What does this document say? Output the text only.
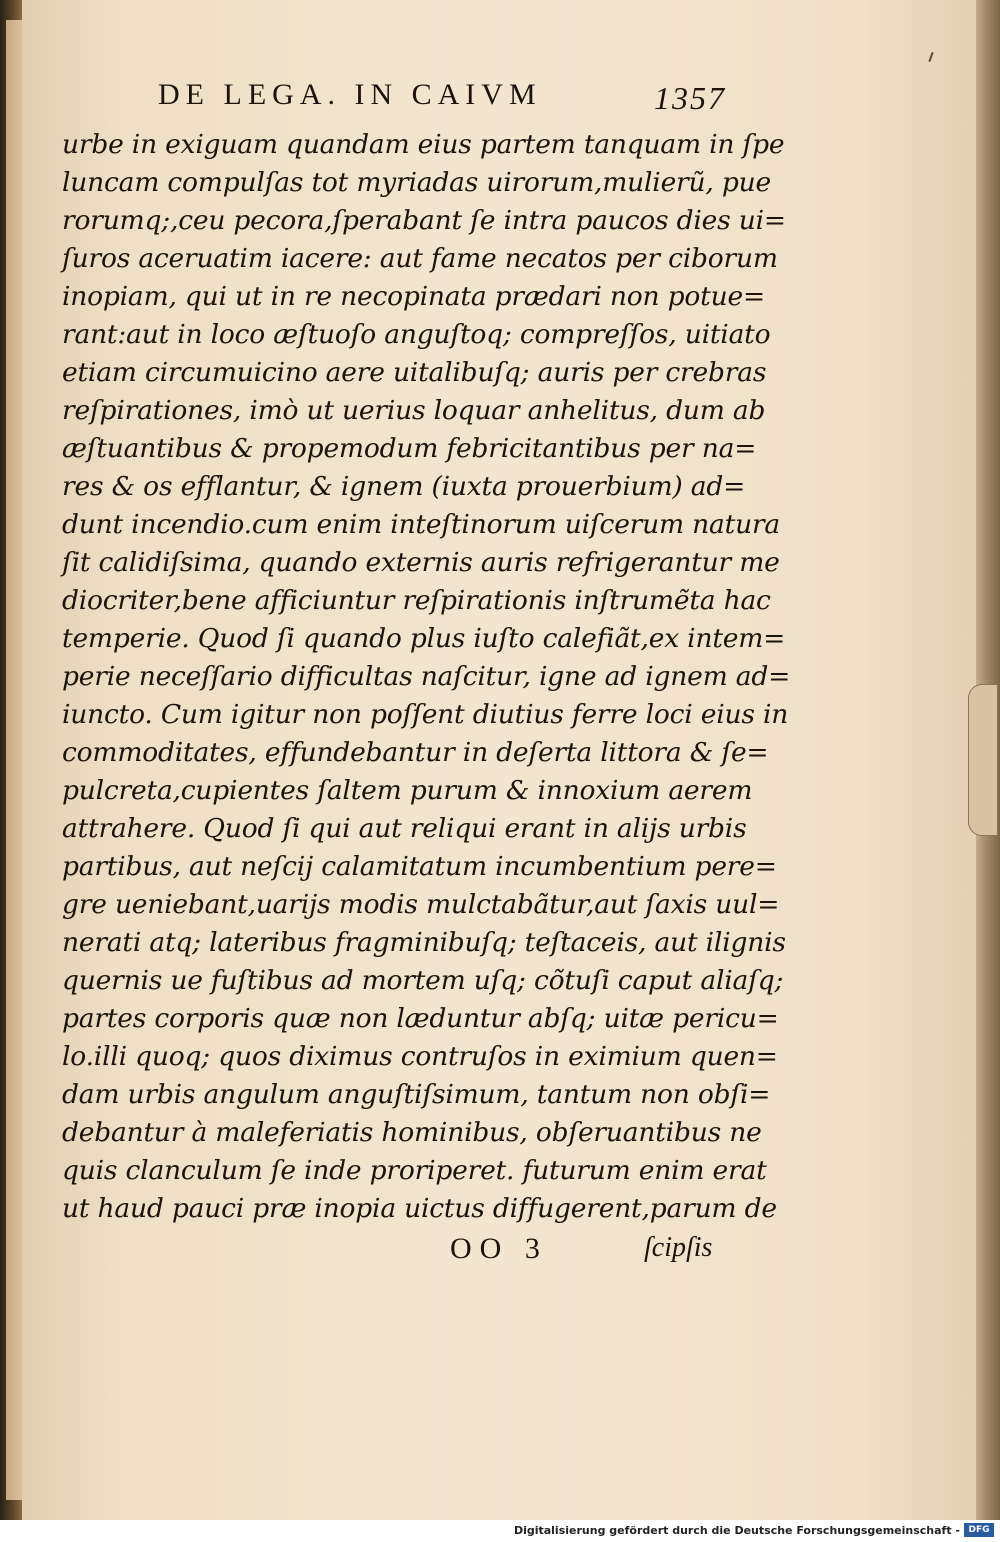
DE LEGA. IN CAIVM	1357
urbe in exiguam quandam eius partem tanquam in ſpe
luncam compulſas tot myriadas uirorum,mulierũ, pue
rorumq;,ceu pecora,ſperabant ſe intra paucos dies ui=
ſuros aceruatim iacere: aut fame necatos per ciborum
inopiam, qui ut in re necopinata prædari non potue=
rant:aut in loco æſtuoſo anguſtoq; compreſſos, uitiato
etiam circumuicino aere uitalibuſq; auris per crebras
reſpirationes, imò ut uerius loquar anhelitus, dum ab
æſtuantibus & propemodum febricitantibus per na=
res & os efflantur, & ignem (iuxta prouerbium) ad=
dunt incendio.cum enim inteſtinorum uiſcerum natura
ſit calidiſsima, quando externis auris refrigerantur me
diocriter,bene afficiuntur reſpirationis inſtrumẽta hac
temperie. Quod ſi quando plus iuſto calefiãt,ex intem=
perie neceſſario difficultas naſcitur, igne ad ignem ad=
iuncto. Cum igitur non poſſent diutius ferre loci eius in
commoditates, effundebantur in deſerta littora & ſe=
pulcreta,cupientes ſaltem purum & innoxium aerem
attrahere. Quod ſi qui aut reliqui erant in alijs urbis
partibus, aut neſcij calamitatum incumbentium pere=
gre ueniebant,uarijs modis mulctabãtur,aut ſaxis uul=
nerati atq; lateribus fragminibuſq; teſtaceis, aut ilignis
quernis ue fuſtibus ad mortem uſq; cõtuſi caput aliaſq;
partes corporis quæ non læduntur abſq; uitæ pericu=
lo.illi quoq; quos diximus contruſos in eximium quen=
dam urbis angulum anguſtiſsimum, tantum non obſi=
debantur à maleferiatis hominibus, obſeruantibus ne
quis clanculum ſe inde proriperet. futurum enim erat
ut haud pauci præ inopia uictus diffugerent,parum de
OO 3	ſcipſis
Digitalisierung gefördert durch die Deutsche Forschungsgemeinschaft - DFG
